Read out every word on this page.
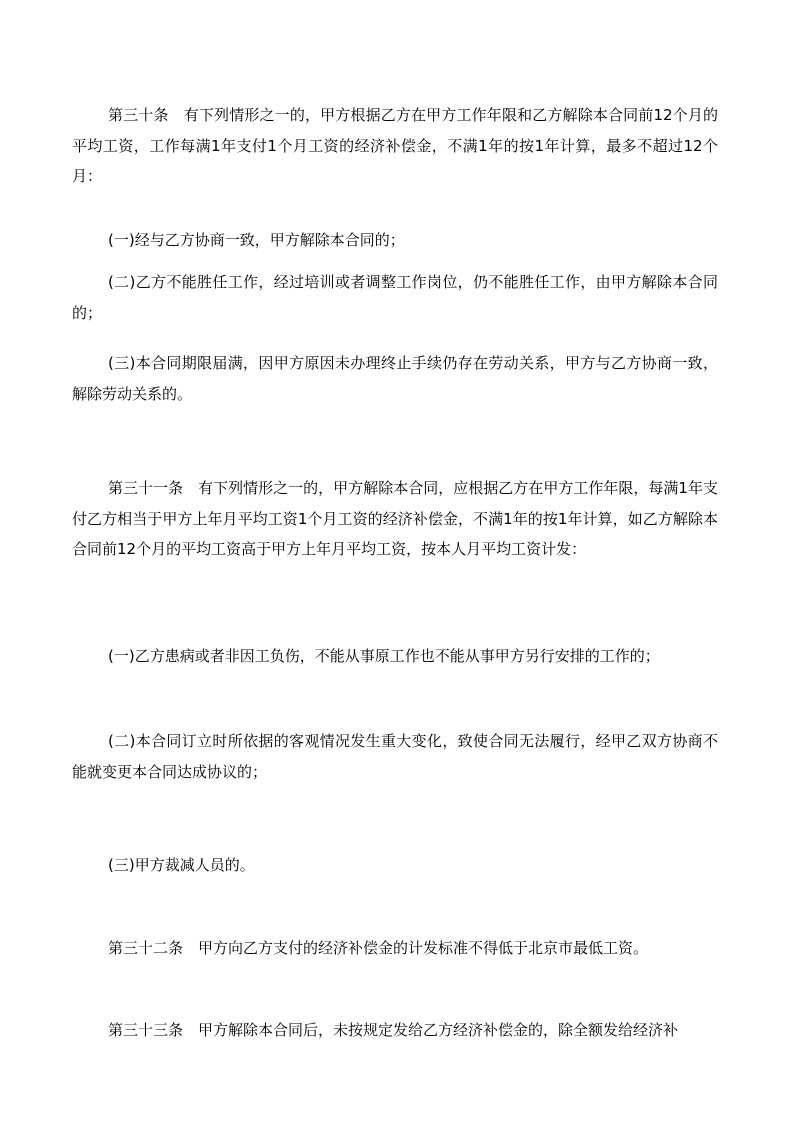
第三十条　有下列情形之一的，甲方根据乙方在甲方工作年限和乙方解除本合同前12个月的平均工资，工作每满1年支付1个月工资的经济补偿金，不满1年的按1年计算，最多不超过12个月：

(一)经与乙方协商一致，甲方解除本合同的；

(二)乙方不能胜任工作，经过培训或者调整工作岗位，仍不能胜任工作，由甲方解除本合同的；

(三)本合同期限届满，因甲方原因未办理终止手续仍存在劳动关系，甲方与乙方协商一致，解除劳动关系的。

第三十一条　有下列情形之一的，甲方解除本合同，应根据乙方在甲方工作年限，每满1年支付乙方相当于甲方上年月平均工资1个月工资的经济补偿金，不满1年的按1年计算，如乙方解除本合同前12个月的平均工资高于甲方上年月平均工资，按本人月平均工资计发：

(一)乙方患病或者非因工负伤，不能从事原工作也不能从事甲方另行安排的工作的；

(二)本合同订立时所依据的客观情况发生重大变化，致使合同无法履行，经甲乙双方协商不能就变更本合同达成协议的；

(三)甲方裁减人员的。

第三十二条　甲方向乙方支付的经济补偿金的计发标准不得低于北京市最低工资。

第三十三条　甲方解除本合同后，未按规定发给乙方经济补偿金的，除全额发给经济补
